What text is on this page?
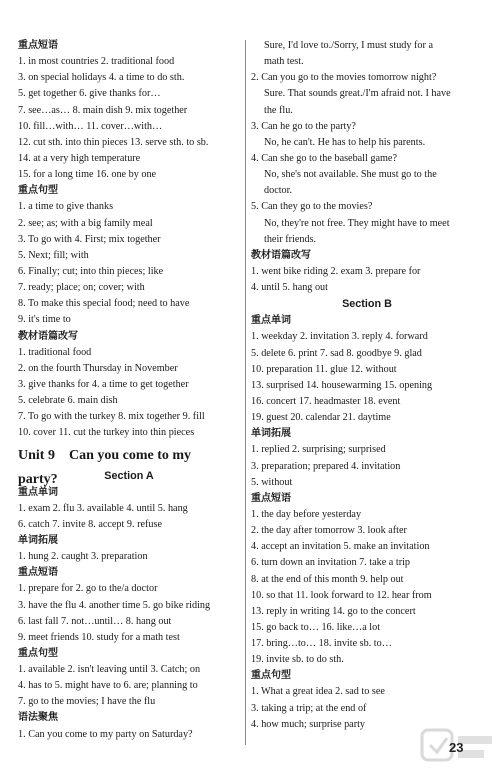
重点短语
1. in most countries 2. traditional food
3. on special holidays 4. a time to do sth.
5. get together 6. give thanks for…
7. see…as… 8. main dish 9. mix together
10. fill…with… 11. cover…with…
12. cut sth. into thin pieces 13. serve sth. to sb.
14. at a very high temperature
15. for a long time 16. one by one
重点句型
1. a time to give thanks
2. see; as; with a big family meal
3. To go with 4. First; mix together
5. Next; fill; with
6. Finally; cut; into thin pieces; like
7. ready; place; on; cover; with
8. To make this special food; need to have
9. it's time to
教材语篇改写
1. traditional food
2. on the fourth Thursday in November
3. give thanks for 4. a time to get together
5. celebrate 6. main dish
7. To go with the turkey 8. mix together 9. fill
10. cover 11. cut the turkey into thin pieces
Unit 9 Can you come to my party?	Section A
重点单词
1. exam 2. flu 3. available 4. until 5. hang
6. catch 7. invite 8. accept 9. refuse
单词拓展
1. hung 2. caught 3. preparation
重点短语
1. prepare for 2. go to the/a doctor
3. have the flu 4. another time 5. go bike riding
6. last fall 7. not…until… 8. hang out
9. meet friends 10. study for a math test
重点句型
1. available 2. isn't leaving until 3. Catch; on
4. has to 5. might have to 6. are; planning to
7. go to the movies; I have the flu
语法聚焦
1. Can you come to my party on Saturday?
Sure, I'd love to./Sorry, I must study for a
math test.
2. Can you go to the movies tomorrow night?
Sure. That sounds great./I'm afraid not. I have
the flu.
3. Can he go to the party?
No, he can't. He has to help his parents.
4. Can she go to the baseball game?
No, she's not available. She must go to the
doctor.
5. Can they go to the movies?
No, they're not free. They might have to meet
their friends.
教材语篇改写
1. went bike riding 2. exam 3. prepare for
4. until 5. hang out
Section B
重点单词
1. weekday 2. invitation 3. reply 4. forward
5. delete 6. print 7. sad 8. goodbye 9. glad
10. preparation 11. glue 12. without
13. surprised 14. housewarming 15. opening
16. concert 17. headmaster 18. event
19. guest 20. calendar 21. daytime
单词拓展
1. replied 2. surprising; surprised
3. preparation; prepared 4. invitation
5. without
重点短语
1. the day before yesterday
2. the day after tomorrow 3. look after
4. accept an invitation 5. make an invitation
6. turn down an invitation 7. take a trip
8. at the end of this month 9. help out
10. so that 11. look forward to 12. hear from
13. reply in writing 14. go to the concert
15. go back to… 16. like…a lot
17. bring…to… 18. invite sb. to…
19. invite sb. to do sth.
重点句型
1. What a great idea 2. sad to see
3. taking a trip; at the end of
4. how much; surprise party
23
